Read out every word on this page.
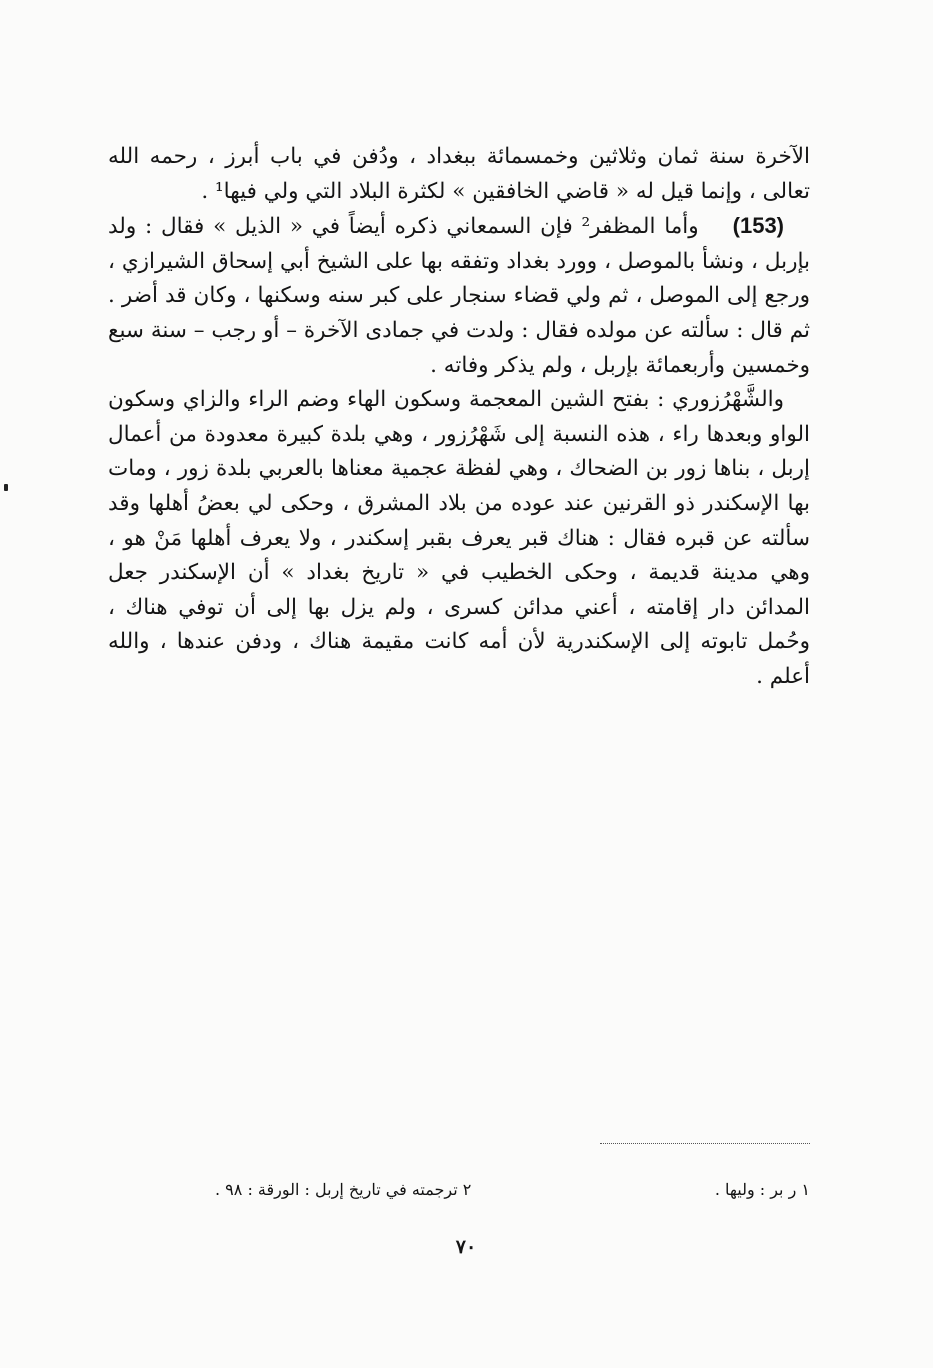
الآخرة سنة ثمان وثلاثين وخمسمائة ببغداد ، ودُفن في باب أبرز ، رحمه الله تعالى ، وإنما قيل له « قاضي الخافقين » لكثرة البلاد التي ولي فيها¹ .

(153)وأما المظفر² فإن السمعاني ذكره أيضاً في « الذيل » فقال : ولد بإربل ، ونشأ بالموصل ، وورد بغداد وتفقه بها على الشيخ أبي إسحاق الشيرازي ، ورجع إلى الموصل ، ثم ولي قضاء سنجار على كبر سنه وسكنها ، وكان قد أضر . ثم قال : سألته عن مولده فقال : ولدت في جمادى الآخرة – أو رجب – سنة سبع وخمسين وأربعمائة بإربل ، ولم يذكر وفاته .

والشَّهْرُزوري : بفتح الشين المعجمة وسكون الهاء وضم الراء والزاي وسكون الواو وبعدها راء ، هذه النسبة إلى شَهْرُزور ، وهي بلدة كبيرة معدودة من أعمال إربل ، بناها زور بن الضحاك ، وهي لفظة عجمية معناها بالعربي بلدة زور ، ومات بها الإسكندر ذو القرنين عند عوده من بلاد المشرق ، وحكى لي بعضُ أهلها وقد سألته عن قبره فقال : هناك قبر يعرف بقبر إسكندر ، ولا يعرف أهلها مَنْ هو ، وهي مدينة قديمة ، وحكى الخطيب في « تاريخ بغداد » أن الإسكندر جعل المدائن دار إقامته ، أعني مدائن كسرى ، ولم يزل بها إلى أن توفي هناك ، وحُمل تابوته إلى الإسكندرية لأن أمه كانت مقيمة هناك ، ودفن عندها ، والله أعلم .

١ ر بر : وليها .
٢ ترجمته في تاريخ إربل : الورقة : ٩٨ .
٧٠
